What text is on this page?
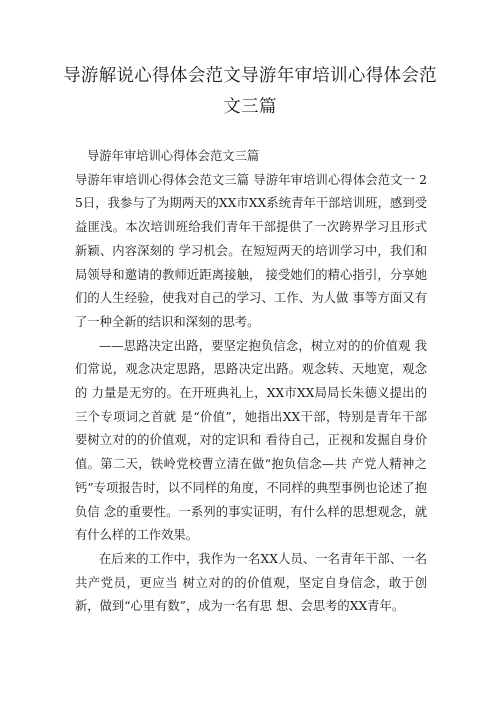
导游解说心得体会范文导游年审培训心得体会范文三篇

导游年审培训心得体会范文三篇

导游年审培训心得体会范文三篇 导游年审培训心得体会范文一 25日，我参与了为期两天的XX市XX系统青年干部培训班，感到受益匪浅。本次培训班给我们青年干部提供了一次跨界学习且形式新颖、内容深刻的 学习机会。在短短两天的培训学习中，我们和局领导和邀请的教师近距离接触， 接受她们的精心指引，分享她们的人生经验，使我对自己的学习、工作、为人做 事等方面又有了一种全新的结识和深刻的思考。

——思路决定出路，要坚定抱负信念，树立对的的价值观 我们常说，观念决定思路，思路决定出路。观念转、天地宽，观念的 力量是无穷的。在开班典礼上，XX市XX局局长朱德义提出的三个专项词之首就 是“价值”，她指出XX干部，特别是青年干部要树立对的的价值观，对的定识和 看待自己，正视和发掘自身价值。第二天，铁岭党校曹立清在做“抱负信念—共 产党人精神之钙”专项报告时，以不同样的角度，不同样的典型事例也论述了抱负信 念的重要性。一系列的事实证明，有什么样的思想观念，就有什么样的工作效果。

在后来的工作中，我作为一名XX人员、一名青年干部、一名共产党员，更应当 树立对的的价值观，坚定自身信念，敢于创新，做到“心里有数”，成为一名有思 想、会思考的XX青年。
